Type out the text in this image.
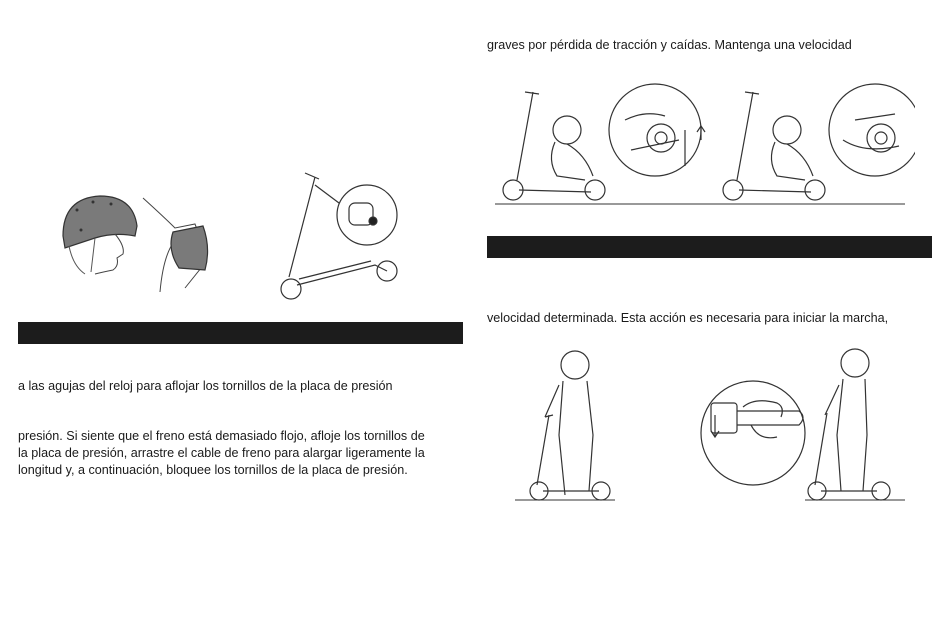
a las agujas del reloj para aflojar los tornillos de la placa de presión
presión. Si siente que el freno está demasiado flojo, afloje los tornillos de
la placa de presión, arrastre el cable de freno para alargar ligeramente la
longitud y, a continuación, bloquee los tornillos de la placa de presión.
graves por pérdida de tracción y caídas. Mantenga una velocidad
velocidad determinada. Esta acción es necesaria para iniciar la marcha,
